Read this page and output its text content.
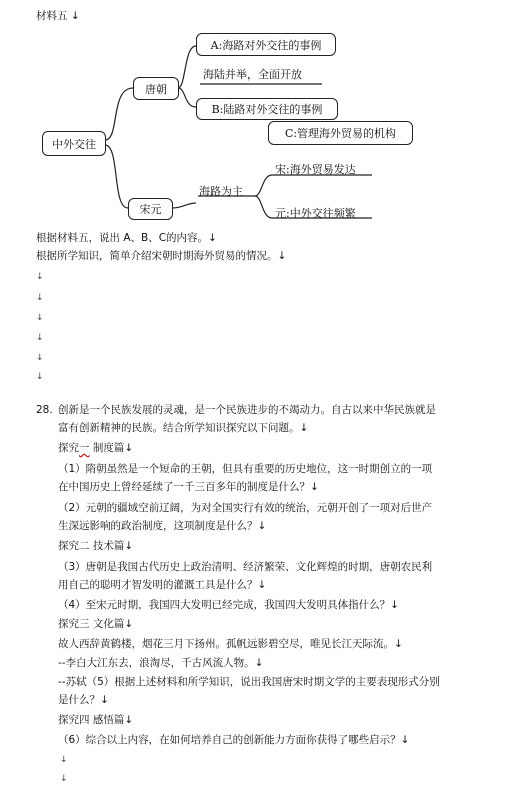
材料五 ↓
中外交往
唐朝
宋元
A:海路对外交往的事例
B:陆路对外交往的事例
C:管理海外贸易的机构
海陆并举，全面开放
海路为主
宋:海外贸易发达
元:中外交往频繁
根据材料五，说出 A、B、C的内容。↓
根据所学知识，简单介绍宋朝时期海外贸易的情况。↓
↓
↓
↓
↓
↓
↓
28. 创新是一个民族发展的灵魂，是一个民族进步的不竭动力。自古以来中华民族就是
富有创新精神的民族。结合所学知识探究以下问题。↓
探究一 制度篇↓
（1）隋朝虽然是一个短命的王朝，但具有重要的历史地位，这一时期创立的一项
在中国历史上曾经延续了一千三百多年的制度是什么？↓
（2）元朝的疆域空前辽阔，为对全国实行有效的统治，元朝开创了一项对后世产
生深远影响的政治制度，这项制度是什么？↓
探究二 技术篇↓
（3）唐朝是我国古代历史上政治清明、经济繁荣、文化辉煌的时期，唐朝农民利
用自己的聪明才智发明的灌溉工具是什么？↓
（4）至宋元时期，我国四大发明已经完成，我国四大发明具体指什么？↓
探究三 文化篇↓
故人西辞黄鹤楼，烟花三月下扬州。孤帆远影碧空尽，唯见长江天际流。↓
--李白大江东去，浪淘尽，千古风流人物。↓
--苏轼（5）根据上述材料和所学知识，说出我国唐宋时期文学的主要表现形式分别
是什么？↓
探究四 感悟篇↓
（6）综合以上内容，在如何培养自己的创新能力方面你获得了哪些启示？↓
↓
↓
